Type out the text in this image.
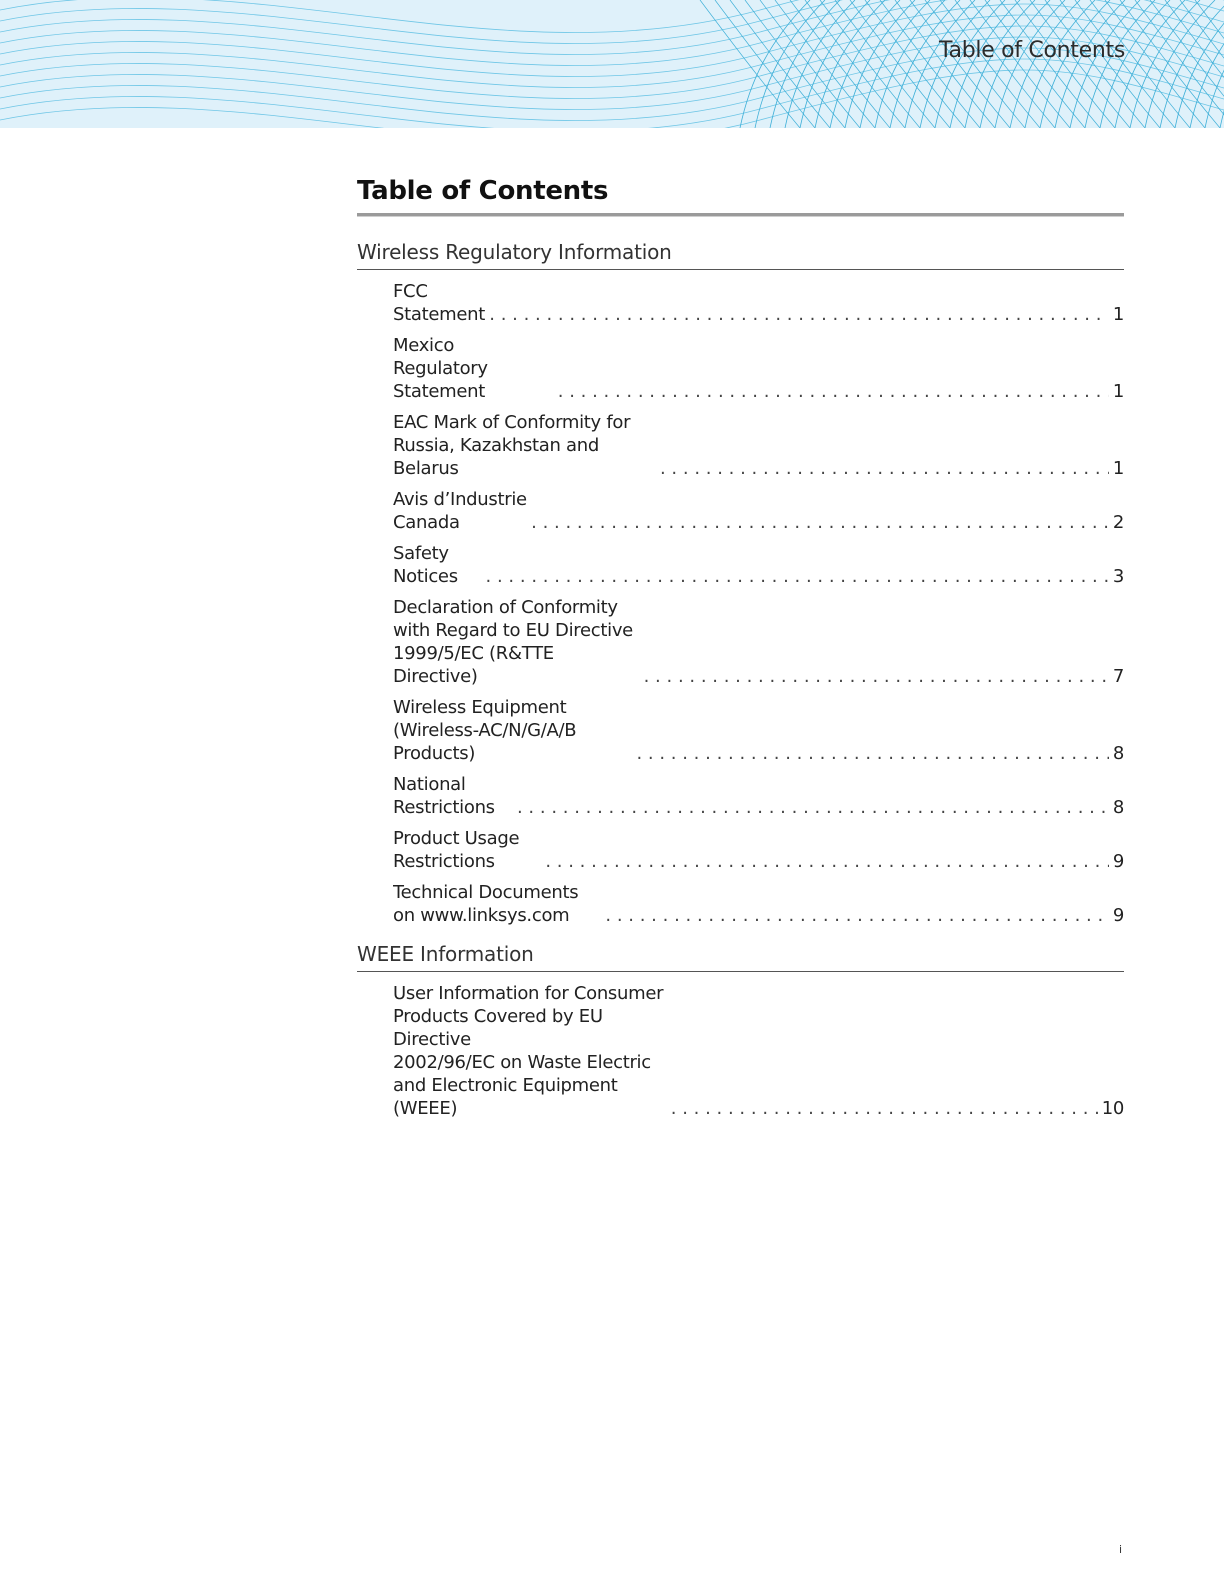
Table of Contents
Table of Contents
Wireless Regulatory Information
FCC Statement . . .	1
Mexico Regulatory Statement . . .	1
EAC Mark of Conformity for Russia, Kazakhstan and Belarus . . .	1
Avis d’Industrie Canada . . .	2
Safety Notices . . .	3
Declaration of Conformity with Regard to EU Directive
1999/5/EC (R&TTE Directive) . . .	7
Wireless Equipment (Wireless-AC/N/G/A/B Products) . . .	8
National Restrictions . . .	8
Product Usage Restrictions . . .	9
Technical Documents on www.linksys.com . . .	9
WEEE Information
User Information for Consumer Products Covered by EU Directive
2002/96/EC on Waste Electric and Electronic Equipment (WEEE) . . .	10
i
